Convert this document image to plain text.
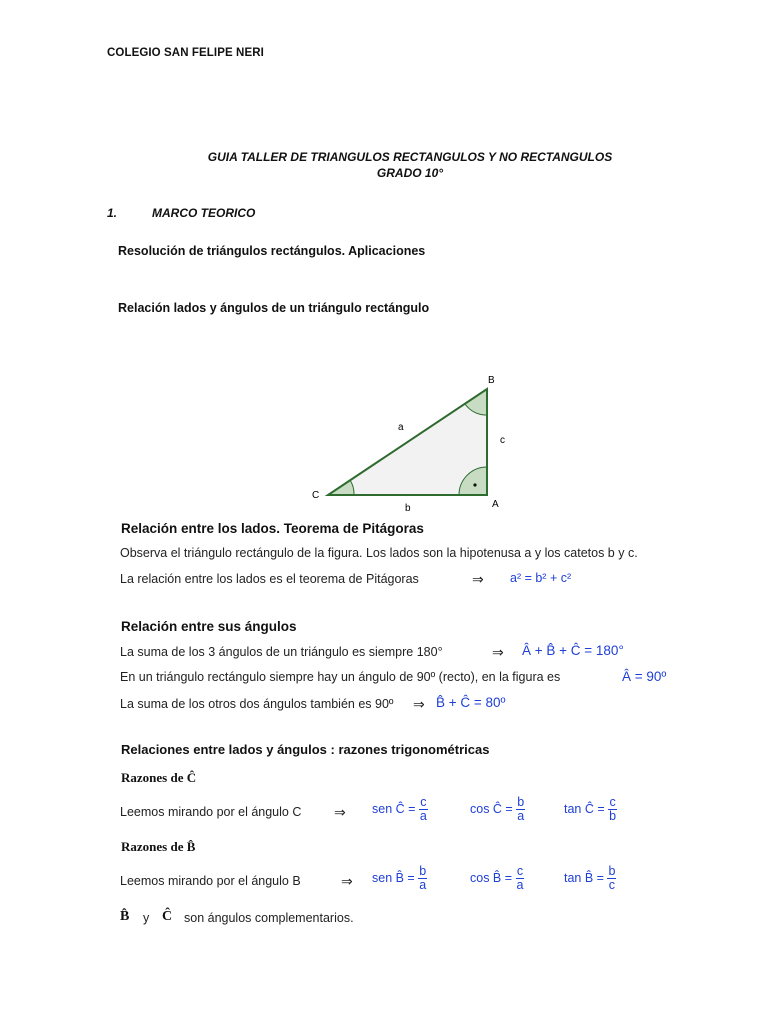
COLEGIO SAN FELIPE NERI
GUIA TALLER DE TRIANGULOS RECTANGULOS Y NO RECTANGULOS
GRADO 10°
1.	MARCO TEORICO
Resolución de triángulos rectángulos. Aplicaciones
Relación lados y ángulos de un triángulo rectángulo
C
A
B
a
b
c
Relación entre los lados. Teorema de Pitágoras
Observa el triángulo rectángulo de la figura. Los lados son la hipotenusa a y los catetos b y c.
La relación entre los lados es el teorema de Pitágoras	⇒ a² = b² + c²
Relación entre sus ángulos
La suma de los 3 ángulos de un triángulo es siempre 180°	⇒ Â + B̂ + Ĉ = 180°
En un triángulo rectángulo siempre hay un ángulo de 90º (recto), en la figura es	Â = 90º
La suma de los otros dos ángulos también es 90º ⇒ B̂ + Ĉ = 80º
Relaciones entre lados y ángulos : razones trigonométricas
Razones de Ĉ
Leemos mirando por el ángulo C ⇒ sen Ĉ = $\frac{c}{a}$	cos Ĉ = $\frac{b}{a}$	tan Ĉ = $\frac{c}{b}$
Razones de B̂
Leemos mirando por el ángulo B	⇒ sen B̂ = $\frac{b}{a}$	cos B̂ = $\frac{c}{a}$	tan B̂ = $\frac{b}{c}$
B̂ y Ĉ son ángulos complementarios.
